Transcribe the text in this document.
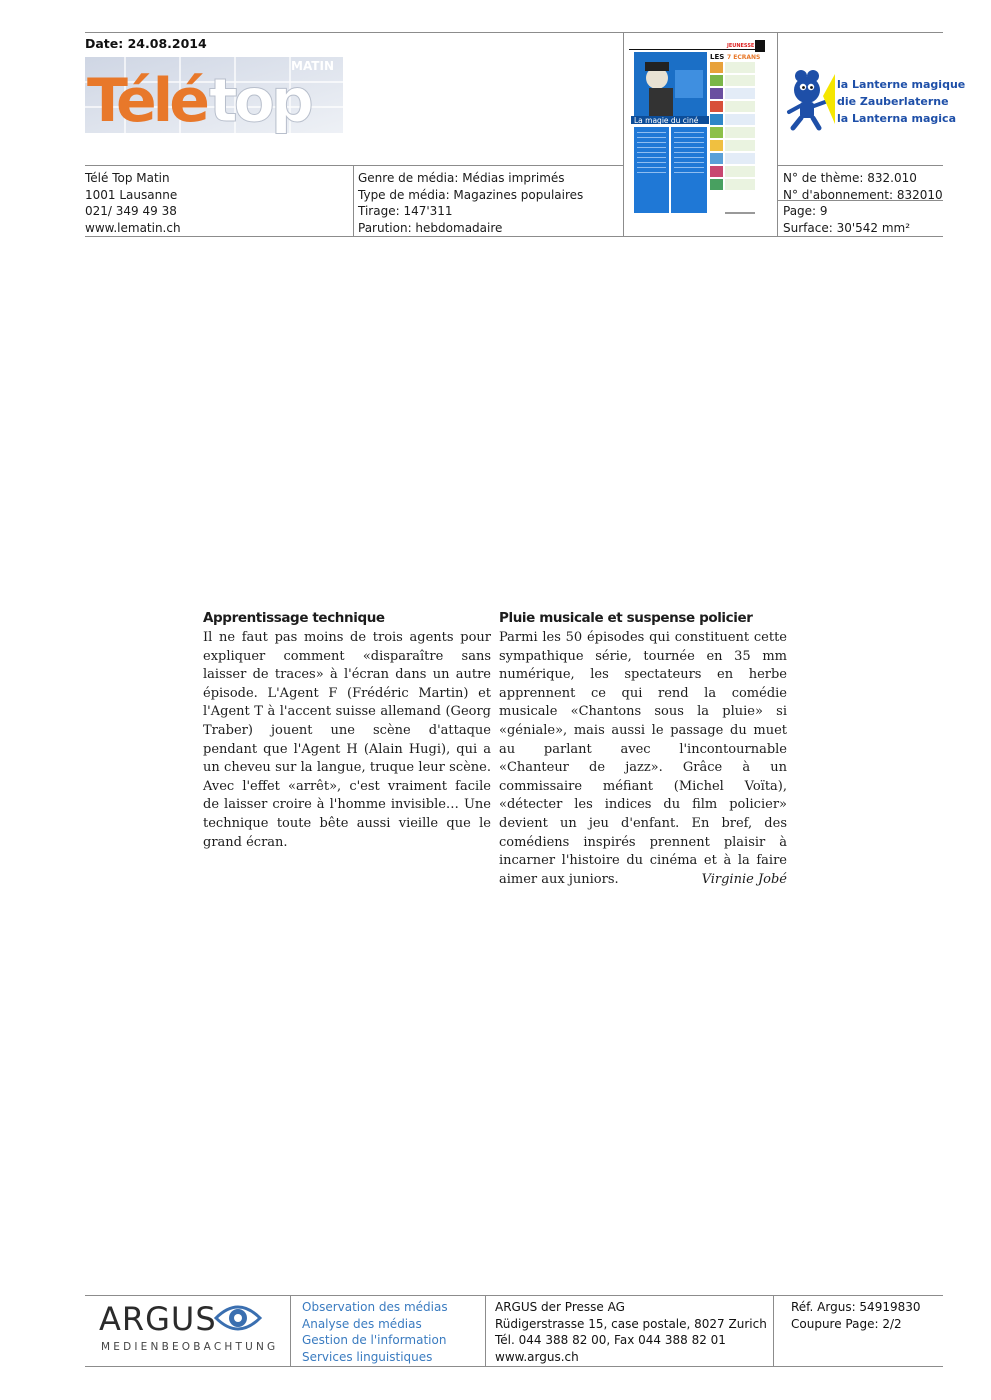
Date: 24.08.2014
Télé top
MATIN
JEUNESSE
La magie du ciné
LES 7 ECRANS
la Lanterne magique
die Zauberlaterne
la Lanterna magica
Télé Top Matin
1001 Lausanne
021/ 349 49 38
www.lematin.ch
Genre de média: Médias imprimés
Type de média: Magazines populaires
Tirage: 147'311
Parution: hebdomadaire
N° de thème: 832.010
N° d'abonnement: 832010
Page: 9
Surface: 30'542 mm²
Apprentissage technique

Il ne faut pas moins de trois agents pour expliquer comment «disparaître sans laisser de traces» à l'écran dans un autre épisode. L'Agent F (Frédéric Martin) et l'Agent T à l'accent suisse allemand (Georg Traber) jouent une scène d'attaque pendant que l'Agent H (Alain Hugi), qui a un cheveu sur la langue, truque leur scène. Avec l'effet «arrêt», c'est vraiment facile de laisser croire à l'homme invisible… Une technique toute bête aussi vieille que le grand écran.

Pluie musicale et suspense policier

Parmi les 50 épisodes qui constituent cette sympathique série, tournée en 35 mm numérique, les spectateurs en herbe apprennent ce qui rend la comédie musicale «Chantons sous la pluie» si «géniale», mais aussi le passage du muet au parlant avec l'incontournable «Chanteur de jazz». Grâce à un commissaire méfiant (Michel Voïta), «détecter les indices du film policier» devient un jeu d'enfant. En bref, des comédiens inspirés prennent plaisir à incarner l'histoire du cinéma et à la faire aimer aux juniors.	Virginie Jobé
ARGUS
MEDIENBEOBACHTUNG
Observation des médias
Analyse des médias
Gestion de l'information
Services linguistiques
ARGUS der Presse AG
Rüdigerstrasse 15, case postale, 8027 Zurich
Tél. 044 388 82 00, Fax 044 388 82 01
www.argus.ch
Réf. Argus: 54919830
Coupure Page: 2/2
